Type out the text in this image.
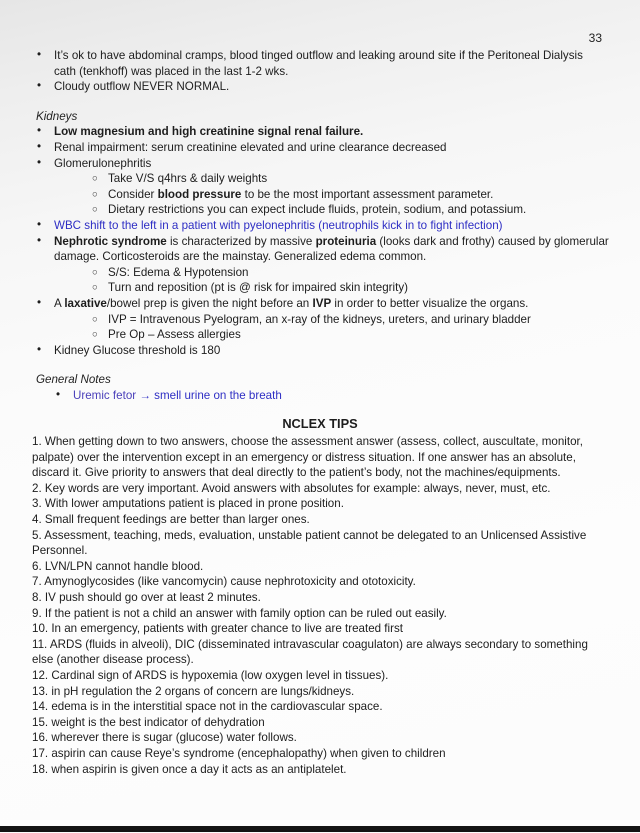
33
• It’s ok to have abdominal cramps, blood tinged outflow and leaking around site if the Peritoneal Dialysis
cath (tenkhoff) was placed in the last 1-2 wks.
• Cloudy outflow NEVER NORMAL.
Kidneys
• Low magnesium and high creatinine signal renal failure.
• Renal impairment: serum creatinine elevated and urine clearance decreased
• Glomerulonephritis
○ Take V/S q4hrs & daily weights
○ Consider blood pressure to be the most important assessment parameter.
○ Dietary restrictions you can expect include fluids, protein, sodium, and potassium.
• WBC shift to the left in a patient with pyelonephritis (neutrophils kick in to fight infection)
• Nephrotic syndrome is characterized by massive proteinuria (looks dark and frothy) caused by glomerular
damage. Corticosteroids are the mainstay. Generalized edema common.
○ S/S: Edema & Hypotension
○ Turn and reposition (pt is @ risk for impaired skin integrity)
• A laxative/bowel prep is given the night before an IVP in order to better visualize the organs.
○ IVP = Intravenous Pyelogram, an x-ray of the kidneys, ureters, and urinary bladder
○ Pre Op – Assess allergies
• Kidney Glucose threshold is 180
General Notes
• Uremic fetor → smell urine on the breath
NCLEX TIPS
1. When getting down to two answers, choose the assessment answer (assess, collect, auscultate, monitor,
palpate) over the intervention except in an emergency or distress situation. If one answer has an absolute,
discard it. Give priority to answers that deal directly to the patient’s body, not the machines/equipments.
2. Key words are very important. Avoid answers with absolutes for example: always, never, must, etc.
3. With lower amputations patient is placed in prone position.
4. Small frequent feedings are better than larger ones.
5. Assessment, teaching, meds, evaluation, unstable patient cannot be delegated to an Unlicensed Assistive
Personnel.
6. LVN/LPN cannot handle blood.
7. Amynoglycosides (like vancomycin) cause nephrotoxicity and ototoxicity.
8. IV push should go over at least 2 minutes.
9. If the patient is not a child an answer with family option can be ruled out easily.
10. In an emergency, patients with greater chance to live are treated first
11. ARDS (fluids in alveoli), DIC (disseminated intravascular coagulaton) are always secondary to something
else (another disease process).
12. Cardinal sign of ARDS is hypoxemia (low oxygen level in tissues).
13. in pH regulation the 2 organs of concern are lungs/kidneys.
14. edema is in the interstitial space not in the cardiovascular space.
15. weight is the best indicator of dehydration
16. wherever there is sugar (glucose) water follows.
17. aspirin can cause Reye’s syndrome (encephalopathy) when given to children
18. when aspirin is given once a day it acts as an antiplatelet.
